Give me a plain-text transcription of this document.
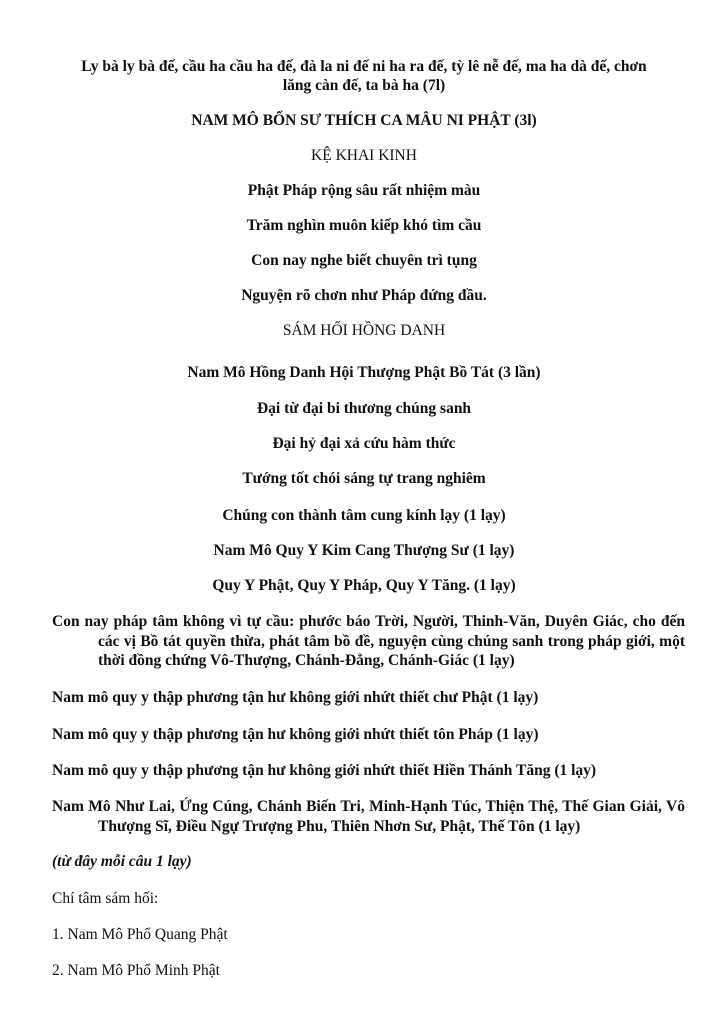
Ly bà ly bà đế, cầu ha cầu ha đế, đà la ni đế ni ha ra đế, tỳ lê nễ đế, ma ha dà đế, chơn
lăng càn đế, ta bà ha (7l)
NAM MÔ BỔN SƯ THÍCH CA MÂU NI PHẬT (3l)
KỆ KHAI KINH
Phật Pháp rộng sâu rất nhiệm màu
Trăm nghìn muôn kiếp khó tìm cầu
Con nay nghe biết chuyên trì tụng
Nguyện rõ chơn như Pháp đứng đầu.
SÁM HỐI HỒNG DANH
Nam Mô Hồng Danh Hội Thượng Phật Bồ Tát (3 lần)
Đại từ đại bi thương chúng sanh
Đại hỷ đại xả cứu hàm thức
Tướng tốt chói sáng tự trang nghiêm
Chúng con thành tâm cung kính lạy (1 lạy)
Nam Mô Quy Y Kim Cang Thượng Sư (1 lạy)
Quy Y Phật, Quy Y Pháp, Quy Y Tăng. (1 lạy)
Con nay pháp tâm không vì tự cầu: phước báo Trời, Người, Thinh-Văn, Duyên Giác, cho đến các vị Bồ tát quyền thừa, phát tâm bồ đề, nguyện cùng chúng sanh trong pháp giới, một thời đồng chứng Vô-Thượng, Chánh-Đẳng, Chánh-Giác (1 lạy)
Nam mô quy y thập phương tận hư không giới nhứt thiết chư Phật (1 lạy)
Nam mô quy y thập phương tận hư không giới nhứt thiết tôn Pháp (1 lạy)
Nam mô quy y thập phương tận hư không giới nhứt thiết Hiền Thánh Tăng (1 lạy)
Nam Mô Như Lai, Ứng Cúng, Chánh Biến Tri, Minh-Hạnh Túc, Thiện Thệ, Thế Gian Giải, Vô Thượng Sĩ, Điều Ngự Trượng Phu, Thiên Nhơn Sư, Phật, Thế Tôn (1 lạy)
(từ đây mỗi câu 1 lạy)
Chí tâm sám hối:
1. Nam Mô Phổ Quang Phật
2. Nam Mô Phổ Minh Phật
